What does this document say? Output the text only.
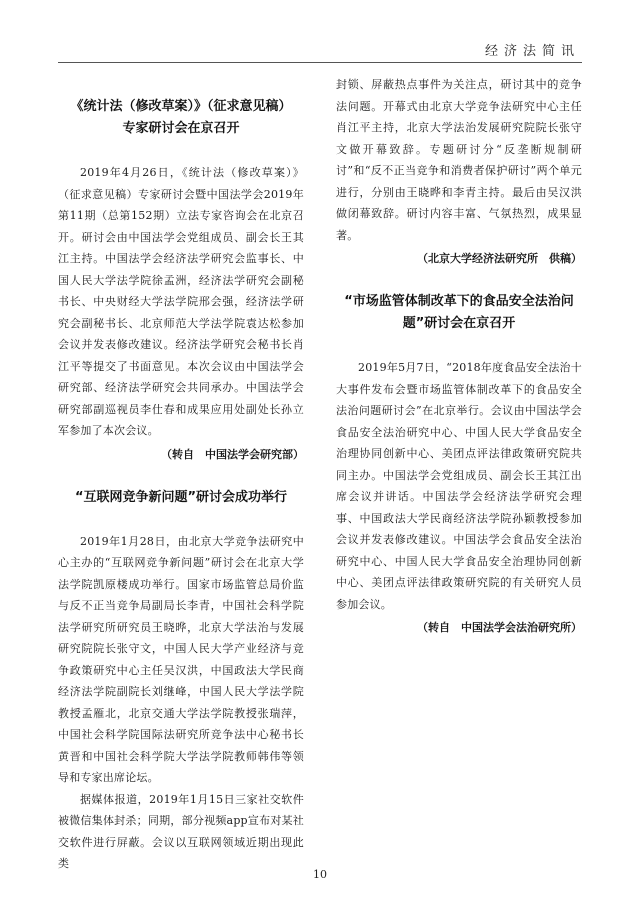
经济法简讯
《统计法（修改草案）》（征求意见稿）
专家研讨会在京召开

2019年4月26日，《统计法（修改草案）》（征求意见稿）专家研讨会暨中国法学会2019年第11期（总第152期）立法专家咨询会在北京召开。研讨会由中国法学会党组成员、副会长王其江主持。中国法学会经济法学研究会监事长、中国人民大学法学院徐孟洲，经济法学研究会副秘书长、中央财经大学法学院邢会强，经济法学研究会副秘书长、北京师范大学法学院袁达松参加会议并发表修改建议。经济法学研究会秘书长肖江平等提交了书面意见。本次会议由中国法学会研究部、经济法学研究会共同承办。中国法学会研究部副巡视员李仕春和成果应用处副处长孙立军参加了本次会议。

（转自　中国法学会研究部）

“互联网竞争新问题”研讨会成功举行

2019年1月28日，由北京大学竞争法研究中心主办的“互联网竞争新问题”研讨会在北京大学法学院凯原楼成功举行。国家市场监管总局价监与反不正当竞争局副局长李青，中国社会科学院法学研究所研究员王晓晔，北京大学法治与发展研究院院长张守文，中国人民大学产业经济与竞争政策研究中心主任吴汉洪，中国政法大学民商经济法学院副院长刘继峰，中国人民大学法学院教授孟雁北，北京交通大学法学院教授张瑞萍，中国社会科学院国际法研究所竞争法中心秘书长黄晋和中国社会科学院大学法学院教师韩伟等领导和专家出席论坛。

据媒体报道，2019年1月15日三家社交软件被微信集体封杀；同期，部分视频app宣布对某社交软件进行屏蔽。会议以互联网领域近期出现此类

封锁、屏蔽热点事件为关注点，研讨其中的竞争法问题。开幕式由北京大学竞争法研究中心主任肖江平主持，北京大学法治发展研究院院长张守文做开幕致辞。专题研讨分“反垄断规制研讨”和“反不正当竞争和消费者保护研讨”两个单元进行，分别由王晓晔和李青主持。最后由吴汉洪做闭幕致辞。研讨内容丰富、气氛热烈，成果显著。

（北京大学经济法研究所　供稿）

“市场监管体制改革下的食品安全法治问
题”研讨会在京召开

2019年5月7日，“2018年度食品安全法治十大事件发布会暨市场监管体制改革下的食品安全法治问题研讨会”在北京举行。会议由中国法学会食品安全法治研究中心、中国人民大学食品安全治理协同创新中心、美团点评法律政策研究院共同主办。中国法学会党组成员、副会长王其江出席会议并讲话。中国法学会经济法学研究会理事、中国政法大学民商经济法学院孙颖教授参加会议并发表修改建议。中国法学会食品安全法治研究中心、中国人民大学食品安全治理协同创新中心、美团点评法律政策研究院的有关研究人员参加会议。

（转自　中国法学会法治研究所）

10
